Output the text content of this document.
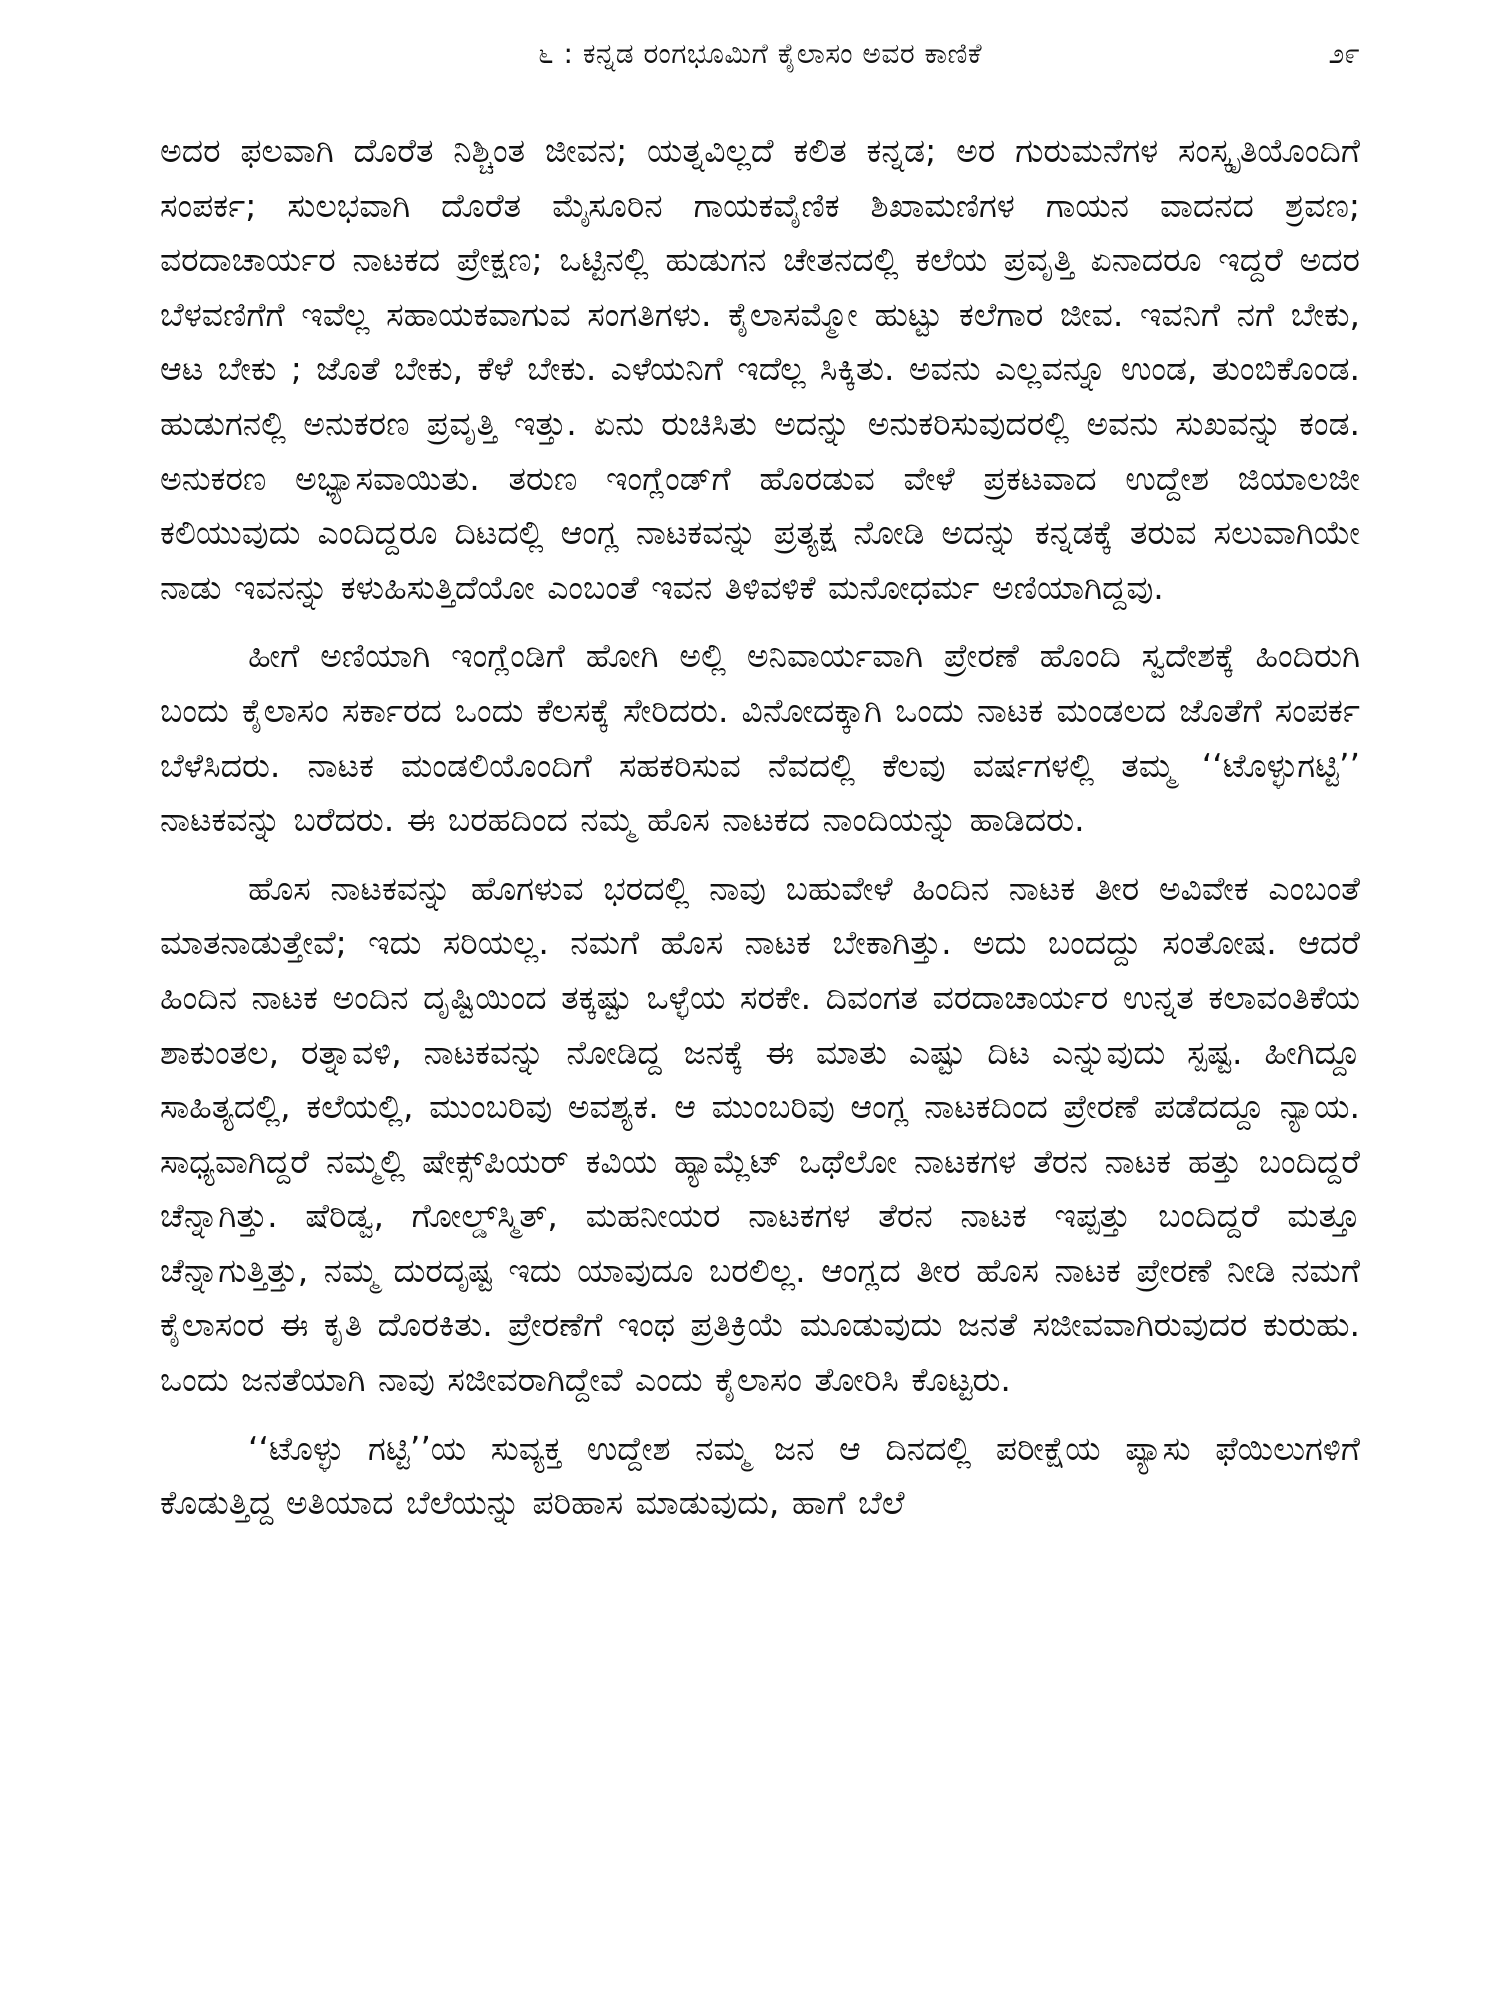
೬ : ಕನ್ನಡ ರಂಗಭೂಮಿಗೆ ಕೈಲಾಸಂ ಅವರ ಕಾಣಿಕೆ	೨೯

ಅದರ ಫಲವಾಗಿ ದೊರೆತ ನಿಶ್ಚಿಂತ ಜೀವನ; ಯತ್ನವಿಲ್ಲದೆ ಕಲಿತ ಕನ್ನಡ; ಅರ ಗುರುಮನೆಗಳ ಸಂಸ್ಕೃತಿಯೊಂದಿಗೆ ಸಂಪರ್ಕ; ಸುಲಭವಾಗಿ ದೊರೆತ ಮೈಸೂರಿನ ಗಾಯಕವೈಣಿಕ ಶಿಖಾಮಣಿಗಳ ಗಾಯನ ವಾದನದ ಶ್ರವಣ; ವರದಾಚಾರ್ಯರ ನಾಟಕದ ಪ್ರೇಕ್ಷಣ; ಒಟ್ಟಿನಲ್ಲಿ ಹುಡುಗನ ಚೇತನದಲ್ಲಿ ಕಲೆಯ ಪ್ರವೃತ್ತಿ ಏನಾದರೂ ಇದ್ದರೆ ಅದರ ಬೆಳವಣಿಗೆಗೆ ಇವೆಲ್ಲ ಸಹಾಯಕವಾಗುವ ಸಂಗತಿಗಳು. ಕೈಲಾಸಮ್ಮೋ ಹುಟ್ಟು ಕಲೆಗಾರ ಜೀವ. ಇವನಿಗೆ ನಗೆ ಬೇಕು, ಆಟ ಬೇಕು ; ಜೊತೆ ಬೇಕು, ಕೆಳೆ ಬೇಕು. ಎಳೆಯನಿಗೆ ಇದೆಲ್ಲ ಸಿಕ್ಕಿತು. ಅವನು ಎಲ್ಲವನ್ನೂ ಉಂಡ, ತುಂಬಿಕೊಂಡ. ಹುಡುಗನಲ್ಲಿ ಅನುಕರಣ ಪ್ರವೃತ್ತಿ ಇತ್ತು. ಏನು ರುಚಿಸಿತು ಅದನ್ನು ಅನುಕರಿಸುವುದರಲ್ಲಿ ಅವನು ಸುಖವನ್ನು ಕಂಡ. ಅನುಕರಣ ಅಭ್ಯಾಸವಾಯಿತು. ತರುಣ ಇಂಗ್ಲೆಂಡ್‌ಗೆ ಹೊರಡುವ ವೇಳೆ ಪ್ರಕಟವಾದ ಉದ್ದೇಶ ಜಿಯಾಲಜೀ ಕಲಿಯುವುದು ಎಂದಿದ್ದರೂ ದಿಟದಲ್ಲಿ ಆಂಗ್ಲ ನಾಟಕವನ್ನು ಪ್ರತ್ಯಕ್ಷ ನೋಡಿ ಅದನ್ನು ಕನ್ನಡಕ್ಕೆ ತರುವ ಸಲುವಾಗಿಯೇ ನಾಡು ಇವನನ್ನು ಕಳುಹಿಸುತ್ತಿದೆಯೋ ಎಂಬಂತೆ ಇವನ ತಿಳಿವಳಿಕೆ ಮನೋಧರ್ಮ ಅಣಿಯಾಗಿದ್ದವು.

ಹೀಗೆ ಅಣಿಯಾಗಿ ಇಂಗ್ಲೆಂಡಿಗೆ ಹೋಗಿ ಅಲ್ಲಿ ಅನಿವಾರ್ಯವಾಗಿ ಪ್ರೇರಣೆ ಹೊಂದಿ ಸ್ವದೇಶಕ್ಕೆ ಹಿಂದಿರುಗಿ ಬಂದು ಕೈಲಾಸಂ ಸರ್ಕಾರದ ಒಂದು ಕೆಲಸಕ್ಕೆ ಸೇರಿದರು. ವಿನೋದಕ್ಕಾಗಿ ಒಂದು ನಾಟಕ ಮಂಡಲದ ಜೊತೆಗೆ ಸಂಪರ್ಕ ಬೆಳೆಸಿದರು. ನಾಟಕ ಮಂಡಲಿಯೊಂದಿಗೆ ಸಹಕರಿಸುವ ನೆವದಲ್ಲಿ ಕೆಲವು ವರ್ಷಗಳಲ್ಲಿ ತಮ್ಮ ‘‘ಟೊಳ್ಳುಗಟ್ಟಿ’’ ನಾಟಕವನ್ನು ಬರೆದರು. ಈ ಬರಹದಿಂದ ನಮ್ಮ ಹೊಸ ನಾಟಕದ ನಾಂದಿಯನ್ನು ಹಾಡಿದರು.

ಹೊಸ ನಾಟಕವನ್ನು ಹೊಗಳುವ ಭರದಲ್ಲಿ ನಾವು ಬಹುವೇಳೆ ಹಿಂದಿನ ನಾಟಕ ತೀರ ಅವಿವೇಕ ಎಂಬಂತೆ ಮಾತನಾಡುತ್ತೇವೆ; ಇದು ಸರಿಯಲ್ಲ. ನಮಗೆ ಹೊಸ ನಾಟಕ ಬೇಕಾಗಿತ್ತು. ಅದು ಬಂದದ್ದು ಸಂತೋಷ. ಆದರೆ ಹಿಂದಿನ ನಾಟಕ ಅಂದಿನ ದೃಷ್ಟಿಯಿಂದ ತಕ್ಕಷ್ಟು ಒಳ್ಳೆಯ ಸರಕೇ. ದಿವಂಗತ ವರದಾಚಾರ್ಯರ ಉನ್ನತ ಕಲಾವಂತಿಕೆಯ ಶಾಕುಂತಲ, ರತ್ನಾವಳಿ, ನಾಟಕವನ್ನು ನೋಡಿದ್ದ ಜನಕ್ಕೆ ಈ ಮಾತು ಎಷ್ಟು ದಿಟ ಎನ್ನುವುದು ಸ್ಪಷ್ಟ. ಹೀಗಿದ್ದೂ ಸಾಹಿತ್ಯದಲ್ಲಿ, ಕಲೆಯಲ್ಲಿ, ಮುಂಬರಿವು ಅವಶ್ಯಕ. ಆ ಮುಂಬರಿವು ಆಂಗ್ಲ ನಾಟಕದಿಂದ ಪ್ರೇರಣೆ ಪಡೆದದ್ದೂ ನ್ಯಾಯ. ಸಾಧ್ಯವಾಗಿದ್ದರೆ ನಮ್ಮಲ್ಲಿ ಷೇಕ್ಸ್‌ಪಿಯರ್ ಕವಿಯ ಹ್ಯಾಮ್ಲೆಟ್ ಒಥೆಲೋ ನಾಟಕಗಳ ತೆರನ ನಾಟಕ ಹತ್ತು ಬಂದಿದ್ದರೆ ಚೆನ್ನಾಗಿತ್ತು. ಷೆರಿಡ್ವ, ಗೋಲ್ಡ್‌ಸ್ಮಿತ್, ಮಹನೀಯರ ನಾಟಕಗಳ ತೆರನ ನಾಟಕ ಇಪ್ಪತ್ತು ಬಂದಿದ್ದರೆ ಮತ್ತೂ ಚೆನ್ನಾಗುತ್ತಿತ್ತು, ನಮ್ಮ ದುರದೃಷ್ಟ ಇದು ಯಾವುದೂ ಬರಲಿಲ್ಲ. ಆಂಗ್ಲದ ತೀರ ಹೊಸ ನಾಟಕ ಪ್ರೇರಣೆ ನೀಡಿ ನಮಗೆ ಕೈಲಾಸಂರ ಈ ಕೃತಿ ದೊರಕಿತು. ಪ್ರೇರಣೆಗೆ ಇಂಥ ಪ್ರತಿಕ್ರಿಯೆ ಮೂಡುವುದು ಜನತೆ ಸಜೀವವಾಗಿರುವುದರ ಕುರುಹು. ಒಂದು ಜನತೆಯಾಗಿ ನಾವು ಸಜೀವರಾಗಿದ್ದೇವೆ ಎಂದು ಕೈಲಾಸಂ ತೋರಿಸಿ ಕೊಟ್ಟರು.

‘‘ಟೊಳ್ಳು ಗಟ್ಟಿ’’ಯ ಸುವ್ಯಕ್ತ ಉದ್ದೇಶ ನಮ್ಮ ಜನ ಆ ದಿನದಲ್ಲಿ ಪರೀಕ್ಷೆಯ ಪ್ಯಾಸು ಫೆಯಿಲುಗಳಿಗೆ ಕೊಡುತ್ತಿದ್ದ ಅತಿಯಾದ ಬೆಲೆಯನ್ನು ಪರಿಹಾಸ ಮಾಡುವುದು, ಹಾಗೆ ಬೆಲೆ
